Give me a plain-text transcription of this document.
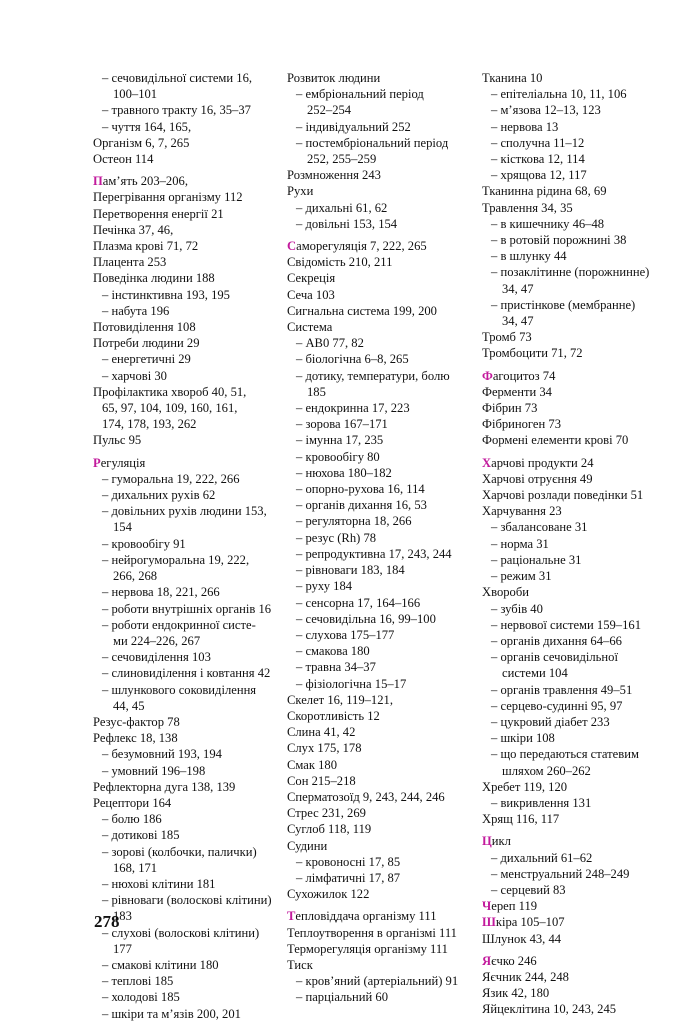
– сечовидільної системи 16,
100–101
– травного тракту 16, 35–37
– чуття 164, 165,
Організм 6, 7, 265
Остеон 114
Пам’ять 203–206,
Перегрівання організму 112
Перетворення енергії 21
Печінка 37, 46,
Плазма крові 71, 72
Плацента 253
Поведінка людини 188
– інстинктивна 193, 195
– набута 196
Потовиділення 108
Потреби людини 29
– енергетичні 29
– харчові 30
Профілактика хвороб 40, 51,
65, 97, 104, 109, 160, 161,
174, 178, 193, 262
Пульс 95
Регуляція
– гуморальна 19, 222, 266
– дихальних рухів 62
– довільних рухів людини 153,
154
– кровообігу 91
– нейрогуморальна 19, 222,
266, 268
– нервова 18, 221, 266
– роботи внутрішніх органів 16
– роботи ендокринної систе-
ми 224–226, 267
– сечовиділення 103
– слиновиділення і ковтання 42
– шлункового соковиділення
44, 45
Резус-фактор 78
Рефлекс 18, 138
– безумовний 193, 194
– умовний 196–198
Рефлекторна дуга 138, 139
Рецептори 164
– болю 186
– дотикові 185
– зорові (колбочки, палички)
168, 171
– нюхові клітини 181
– рівноваги (волоскові клітини)
183
– слухові (волоскові клітини)
177
– смакові клітини 180
– теплові 185
– холодові 185
– шкіри та м’язів 200, 201
Розвиток людини
– ембріональний період
252–254
– індивідуальний 252
– постембріональний період
252, 255–259
Розмноження 243
Рухи
– дихальні 61, 62
– довільні 153, 154
Саморегуляція 7, 222, 265
Свідомість 210, 211
Секреція
Сеча 103
Сигнальна система 199, 200
Система
– АВ0 77, 82
– біологічна 6–8, 265
– дотику, температури, болю
185
– ендокринна 17, 223
– зорова 167–171
– імунна 17, 235
– кровообігу 80
– нюхова 180–182
– опорно-рухова 16, 114
– органів дихання 16, 53
– регуляторна 18, 266
– резус (Rh) 78
– репродуктивна 17, 243, 244
– рівноваги 183, 184
– руху 184
– сенсорна 17, 164–166
– сечовидільна 16, 99–100
– слухова 175–177
– смакова 180
– травна 34–37
– фізіологічна 15–17
Скелет 16, 119–121,
Скоротливість 12
Слина 41, 42
Слух 175, 178
Смак 180
Сон 215–218
Сперматозоїд 9, 243, 244, 246
Стрес 231, 269
Суглоб 118, 119
Судини
– кровоносні 17, 85
– лімфатичні 17, 87
Сухожилок 122
Тепловіддача організму 111
Теплоутворення в організмі 111
Терморегуляція організму 111
Тиск
– кров’яний (артеріальний) 91
– парціальний 60
Тканина 10
– епітеліальна 10, 11, 106
– м’язова 12–13, 123
– нервова 13
– сполучна 11–12
– кісткова 12, 114
– хрящова 12, 117
Тканинна рідина 68, 69
Травлення 34, 35
– в кишечнику 46–48
– в ротовій порожнині 38
– в шлунку 44
– позаклітинне (порожнинне)
34, 47
– пристінкове (мембранне)
34, 47
Тромб 73
Тромбоцити 71, 72
Фагоцитоз 74
Ферменти 34
Фібрин 73
Фібриноген 73
Формені елементи крові 70
Харчові продукти 24
Харчові отруєння 49
Харчові розлади поведінки 51
Харчування 23
– збалансоване 31
– норма 31
– раціональне 31
– режим 31
Хвороби
– зубів 40
– нервової системи 159–161
– органів дихання 64–66
– органів сечовидільної
системи 104
– органів травлення 49–51
– серцево-судинні 95, 97
– цукровий діабет 233
– шкіри 108
– що передаються статевим
шляхом 260–262
Хребет 119, 120
– викривлення 131
Хрящ 116, 117
Цикл
– дихальний 61–62
– менструальний 248–249
– серцевий 83
Череп 119
Шкіра 105–107
Шлунок 43, 44
Яєчко 246
Яєчник 244, 248
Язик 42, 180
Яйцеклітина 10, 243, 245
278
